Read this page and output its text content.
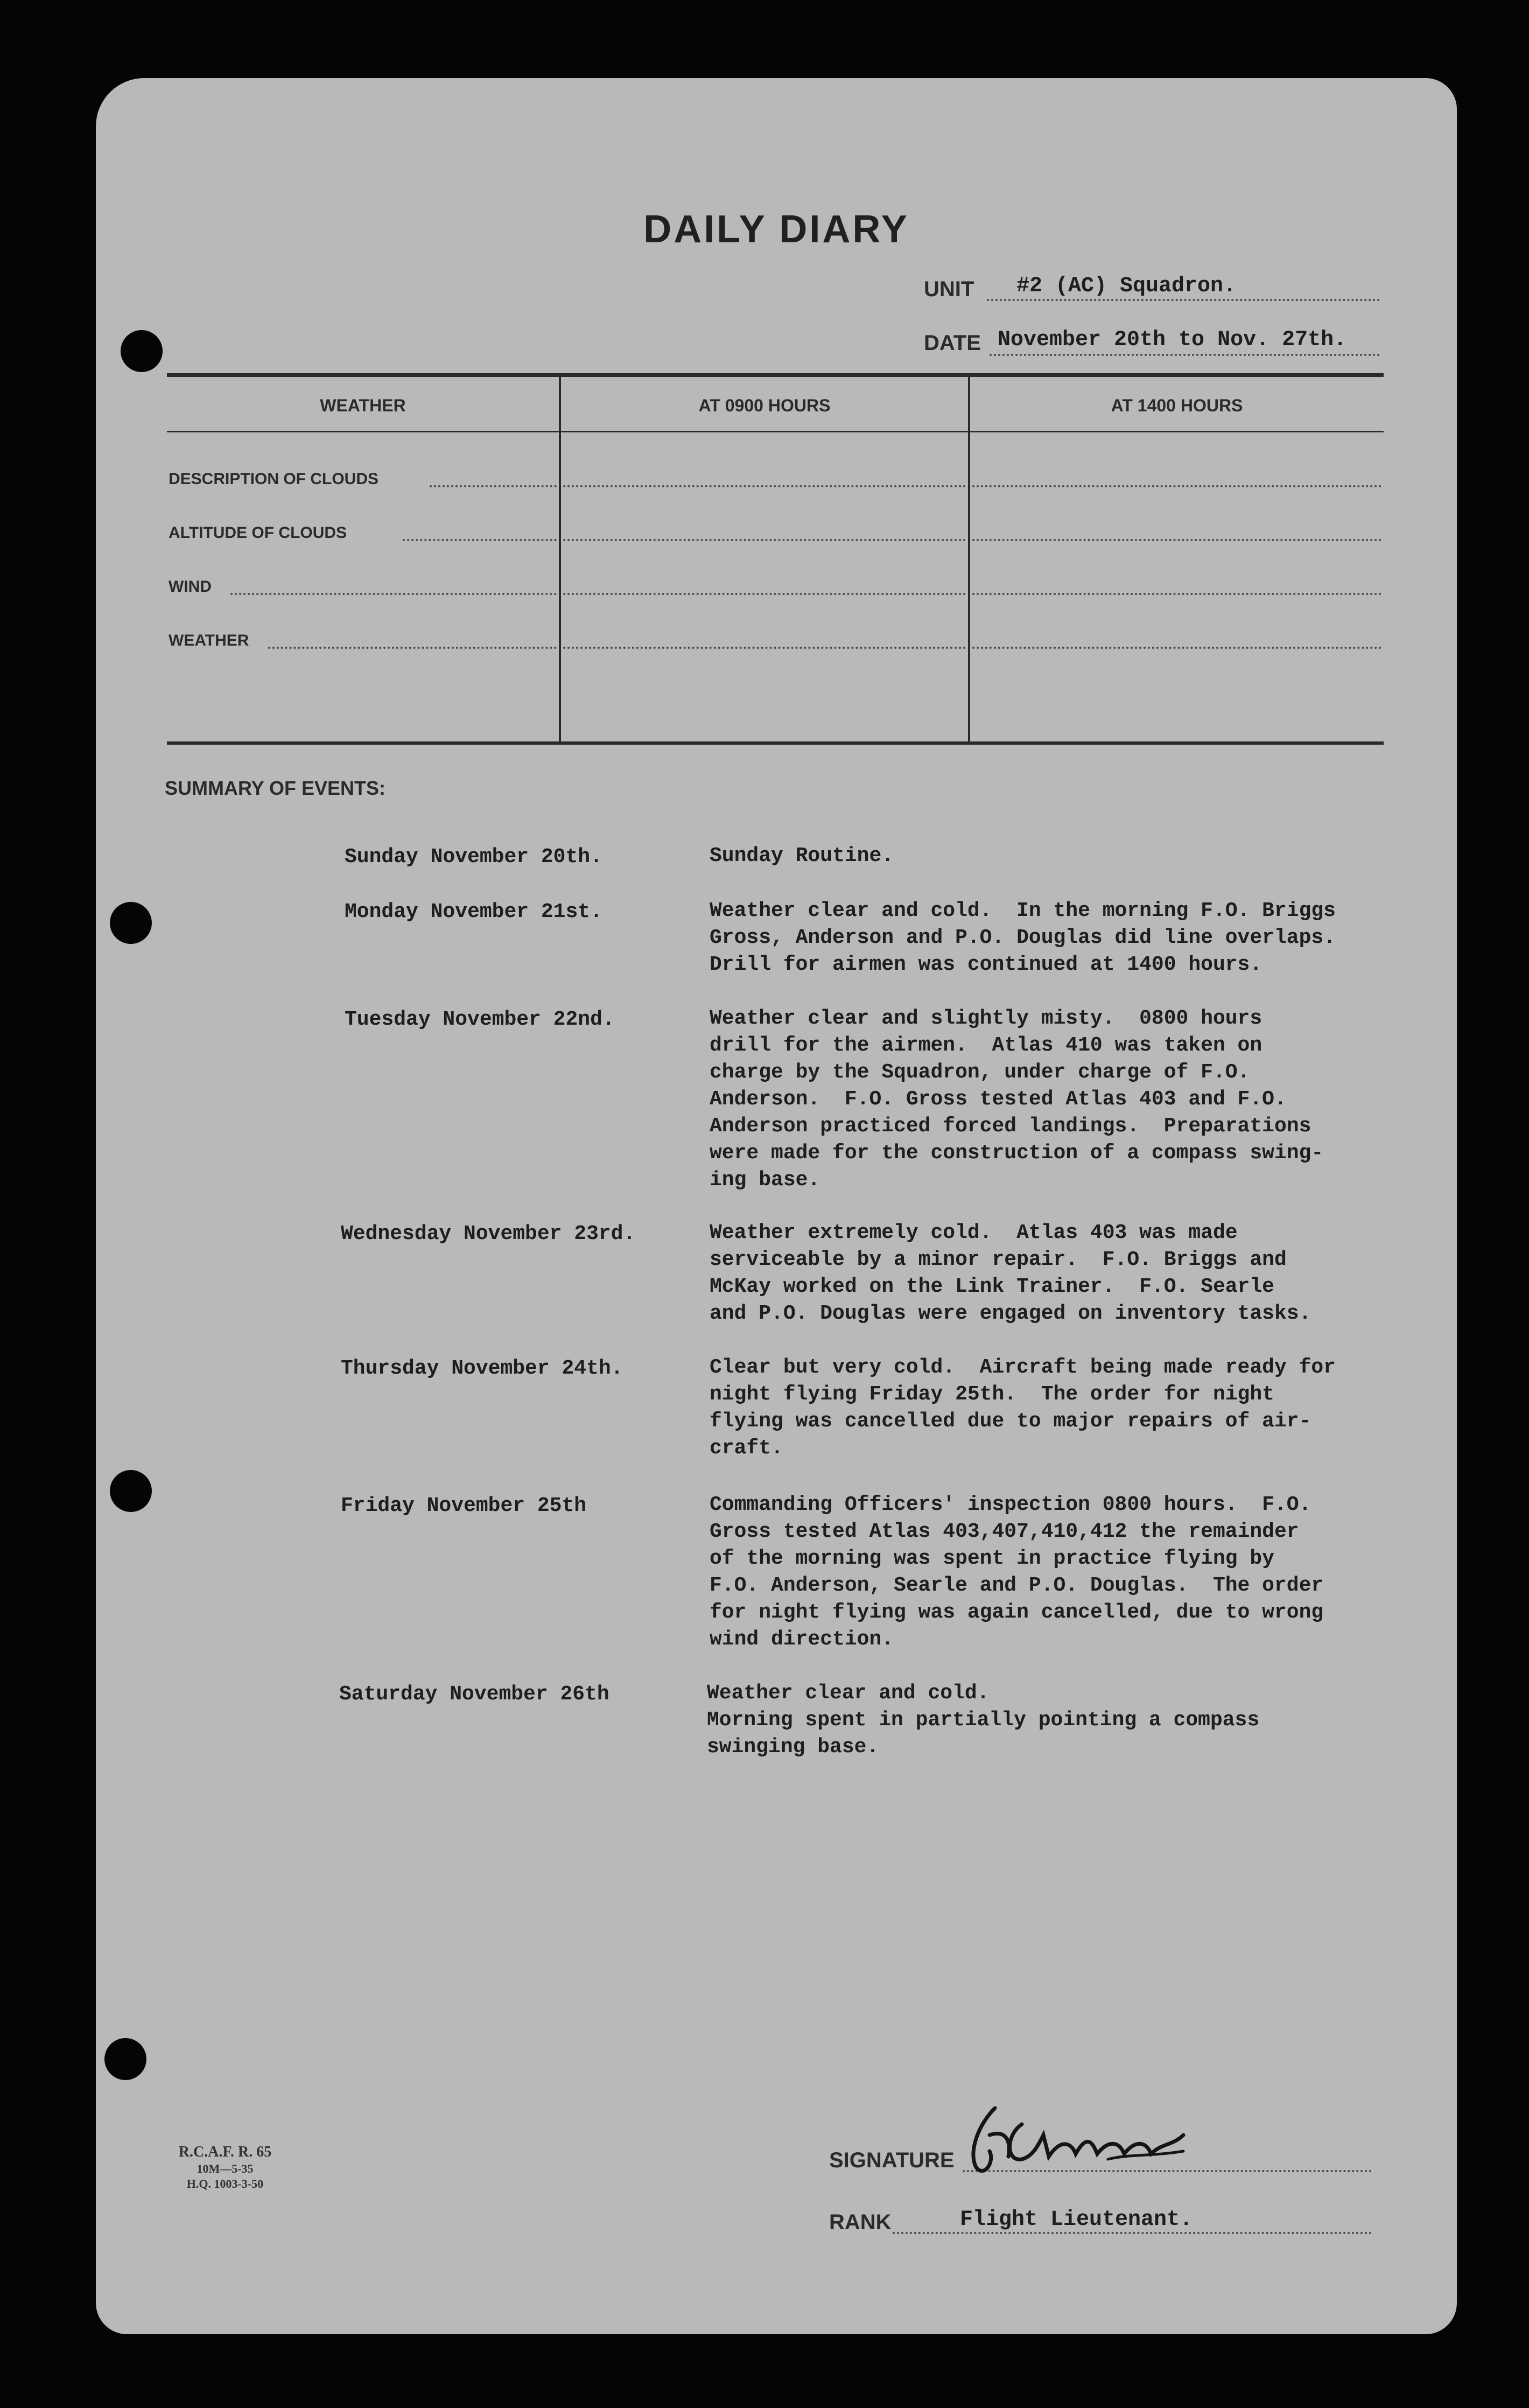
DAILY DIARY
UNIT #2 (AC) Squadron.
DATE November 20th to Nov. 27th.
WEATHER	AT 0900 HOURS	AT 1400 HOURS
DESCRIPTION OF CLOUDS
ALTITUDE OF CLOUDS
WIND
WEATHER
SUMMARY OF EVENTS:
Sunday November 20th.	Sunday Routine.
Monday November 21st.	Weather clear and cold.  In the morning F.O. Briggs
Gross, Anderson and P.O. Douglas did line overlaps.
Drill for airmen was continued at 1400 hours.
Tuesday November 22nd.	Weather clear and slightly misty.  0800 hours
drill for the airmen.  Atlas 410 was taken on
charge by the Squadron, under charge of F.O.
Anderson.  F.O. Gross tested Atlas 403 and F.O.
Anderson practiced forced landings.  Preparations
were made for the construction of a compass swing-
ing base.
Wednesday November 23rd.	Weather extremely cold.  Atlas 403 was made
serviceable by a minor repair.  F.O. Briggs and
McKay worked on the Link Trainer.  F.O. Searle
and P.O. Douglas were engaged on inventory tasks.
Thursday November 24th.	Clear but very cold.  Aircraft being made ready for
night flying Friday 25th.  The order for night
flying was cancelled due to major repairs of air-
craft.
Friday November 25th	Commanding Officers' inspection 0800 hours.  F.O.
Gross tested Atlas 403,407,410,412 the remainder
of the morning was spent in practice flying by
F.O. Anderson, Searle and P.O. Douglas.  The order
for night flying was again cancelled, due to wrong
wind direction.
Saturday November 26th	Weather clear and cold.
Morning spent in partially pointing a compass
swinging base.
R.C.A.F. R. 65
10M—5-35
H.Q. 1003-3-50
SIGNATURE
RANK	Flight Lieutenant.
